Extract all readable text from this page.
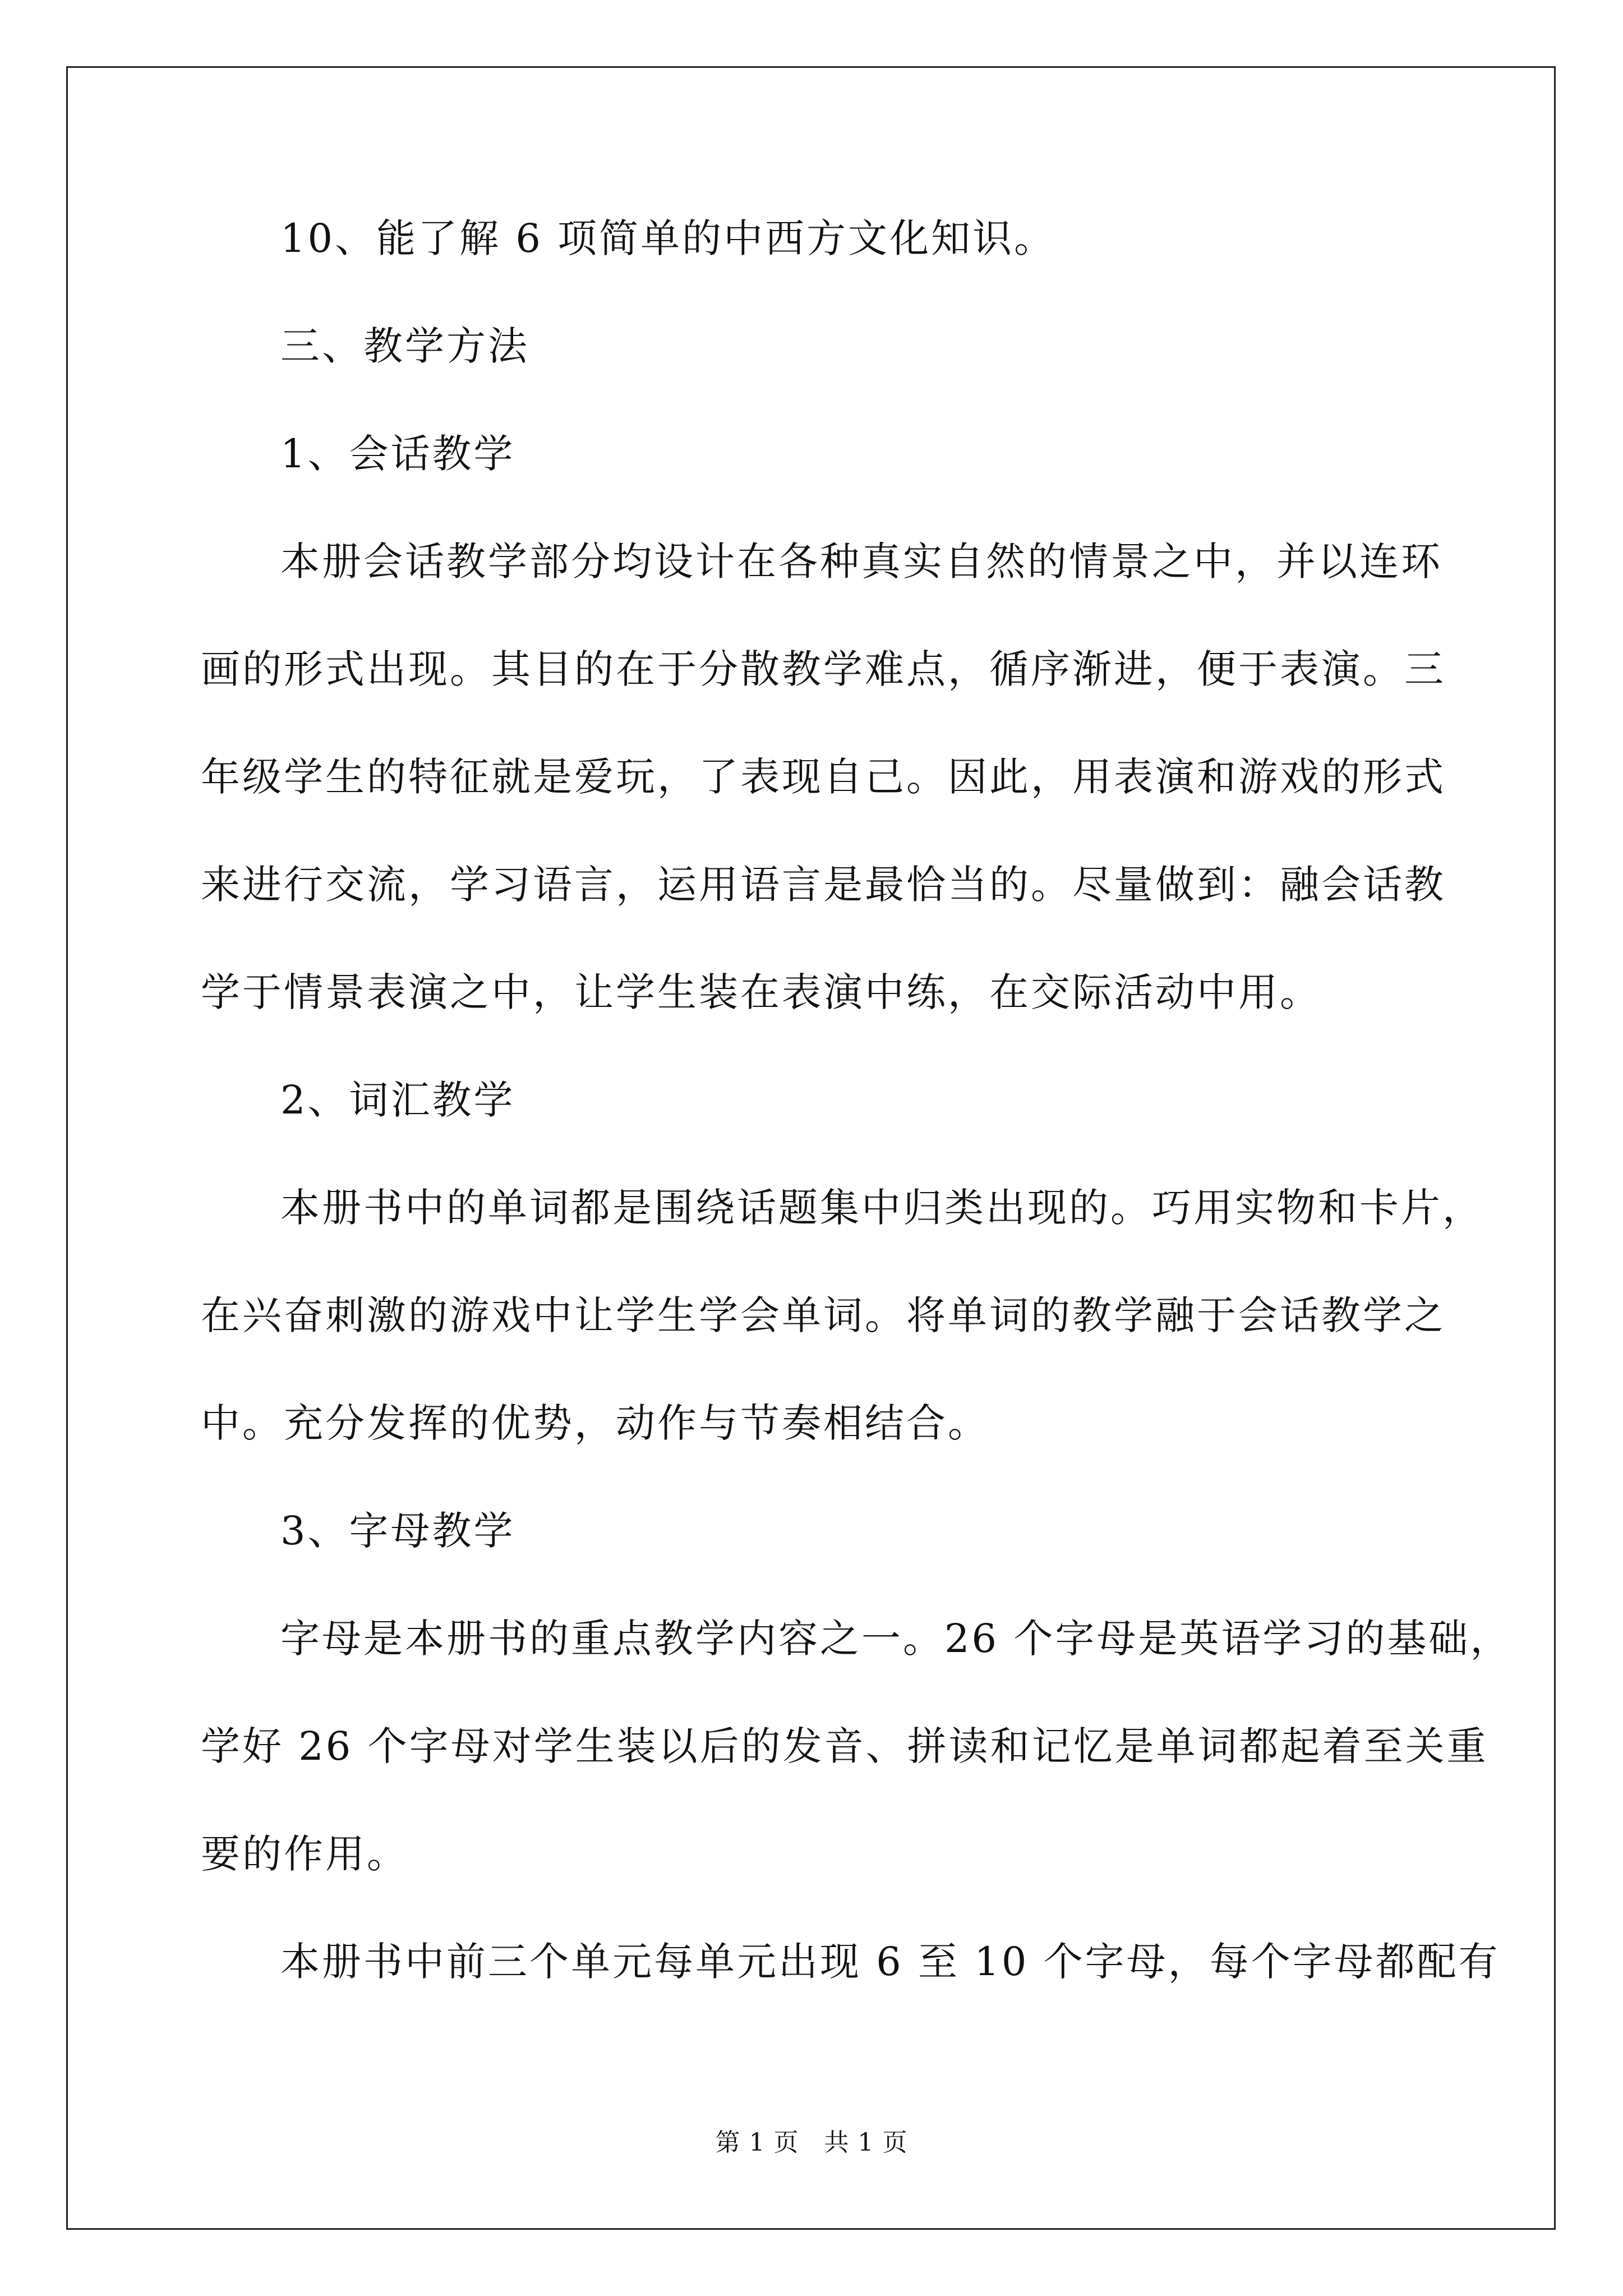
10、能了解 6 项简单的中西方文化知识。
三、教学方法
1、会话教学
本册会话教学部分均设计在各种真实自然的情景之中，并以连环
画的形式出现。其目的在于分散教学难点，循序渐进，便于表演。三
年级学生的特征就是爱玩，了表现自己。因此，用表演和游戏的形式
来进行交流，学习语言，运用语言是最恰当的。尽量做到：融会话教
学于情景表演之中，让学生装在表演中练，在交际活动中用。
2、词汇教学
本册书中的单词都是围绕话题集中归类出现的。巧用实物和卡片，
在兴奋刺激的游戏中让学生学会单词。将单词的教学融于会话教学之
中。充分发挥的优势，动作与节奏相结合。
3、字母教学
字母是本册书的重点教学内容之一。26 个字母是英语学习的基础，
学好 26 个字母对学生装以后的发音、拼读和记忆是单词都起着至关重
要的作用。
本册书中前三个单元每单元出现 6 至 10 个字母，每个字母都配有
第 1 页　共 1 页
